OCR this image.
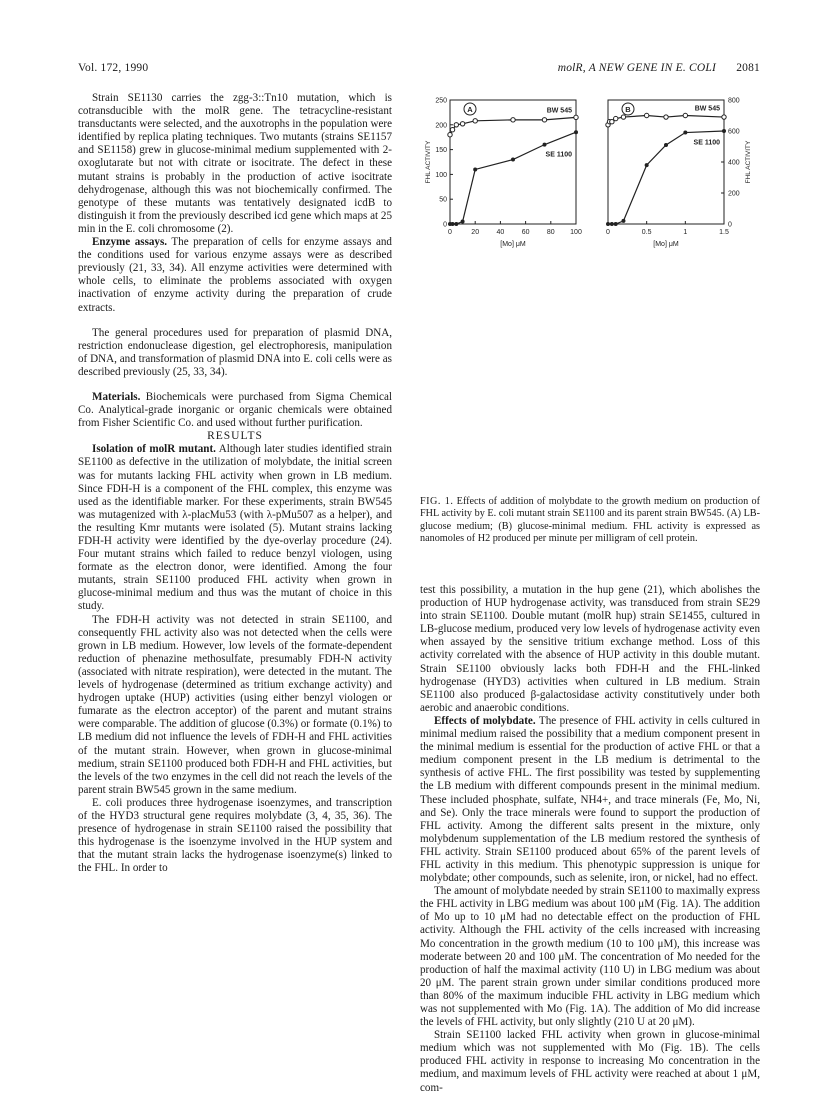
Vol. 172, 1990	molR, A NEW GENE IN E. COLI 2081

Strain SE1130 carries the zgg-3::Tn10 mutation, which is cotransducible with the molR gene. The tetracycline-resistant transductants were selected, and the auxotrophs in the population were identified by replica plating techniques. Two mutants (strains SE1157 and SE1158) grew in glucose-minimal medium supplemented with 2-oxoglutarate but not with citrate or isocitrate. The defect in these mutant strains is probably in the production of active isocitrate dehydrogenase, although this was not biochemically confirmed. The genotype of these mutants was tentatively designated icdB to distinguish it from the previously described icd gene which maps at 25 min in the E. coli chromosome (2).

Enzyme assays. The preparation of cells for enzyme assays and the conditions used for various enzyme assays were as described previously (21, 33, 34). All enzyme activities were determined with whole cells, to eliminate the problems associated with oxygen inactivation of enzyme activity during the preparation of crude extracts.

The general procedures used for preparation of plasmid DNA, restriction endonuclease digestion, gel electrophoresis, manipulation of DNA, and transformation of plasmid DNA into E. coli cells were as described previously (25, 33, 34).

Materials. Biochemicals were purchased from Sigma Chemical Co. Analytical-grade inorganic or organic chemicals were obtained from Fisher Scientific Co. and used without further purification.

RESULTS

Isolation of molR mutant. Although later studies identified strain SE1100 as defective in the utilization of molybdate, the initial screen was for mutants lacking FHL activity when grown in LB medium. Since FDH-H is a component of the FHL complex, this enzyme was used as the identifiable marker. For these experiments, strain BW545 was mutagenized with λ-placMu53 (with λ-pMu507 as a helper), and the resulting Kmr mutants were isolated (5). Mutant strains lacking FDH-H activity were identified by the dye-overlay procedure (24). Four mutant strains which failed to reduce benzyl viologen, using formate as the electron donor, were identified. Among the four mutants, strain SE1100 produced FHL activity when grown in glucose-minimal medium and thus was the mutant of choice in this study.

The FDH-H activity was not detected in strain SE1100, and consequently FHL activity also was not detected when the cells were grown in LB medium. However, low levels of the formate-dependent reduction of phenazine methosulfate, presumably FDH-N activity (associated with nitrate respiration), were detected in the mutant. The levels of hydrogenase (determined as tritium exchange activity) and hydrogen uptake (HUP) activities (using either benzyl viologen or fumarate as the electron acceptor) of the parent and mutant strains were comparable. The addition of glucose (0.3%) or formate (0.1%) to LB medium did not influence the levels of FDH-H and FHL activities of the mutant strain. However, when grown in glucose-minimal medium, strain SE1100 produced both FDH-H and FHL activities, but the levels of the two enzymes in the cell did not reach the levels of the parent strain BW545 grown in the same medium.

E. coli produces three hydrogenase isoenzymes, and transcription of the HYD3 structural gene requires molybdate (3, 4, 35, 36). The presence of hydrogenase in strain SE1100 raised the possibility that this hydrogenase is the isoenzyme involved in the HUP system and that the mutant strain lacks the hydrogenase isoenzyme(s) linked to the FHL. In order to

0	20 40 60 80 100
0
50
100
150
200
250
[Mo] μM
FHL ACTIVITY
A	BW 545
SE 1100
0	0.5	1	1.5
0
200
400
600
800
[Mo] μM
FHL ACTIVITY
B	BW 545
SE 1100
FIG. 1. Effects of addition of molybdate to the growth medium on production of FHL activity by E. coli mutant strain SE1100 and its parent strain BW545. (A) LB-glucose medium; (B) glucose-minimal medium. FHL activity is expressed as nanomoles of H2 produced per minute per milligram of cell protein.

test this possibility, a mutation in the hup gene (21), which abolishes the production of HUP hydrogenase activity, was transduced from strain SE29 into strain SE1100. Double mutant (molR hup) strain SE1455, cultured in LB-glucose medium, produced very low levels of hydrogenase activity even when assayed by the sensitive tritium exchange method. Loss of this activity correlated with the absence of HUP activity in this double mutant. Strain SE1100 obviously lacks both FDH-H and the FHL-linked hydrogenase (HYD3) activities when cultured in LB medium. Strain SE1100 also produced β-galactosidase activity constitutively under both aerobic and anaerobic conditions.

Effects of molybdate. The presence of FHL activity in cells cultured in minimal medium raised the possibility that a medium component present in the minimal medium is essential for the production of active FHL or that a medium component present in the LB medium is detrimental to the synthesis of active FHL. The first possibility was tested by supplementing the LB medium with different compounds present in the minimal medium. These included phosphate, sulfate, NH4+, and trace minerals (Fe, Mo, Ni, and Se). Only the trace minerals were found to support the production of FHL activity. Among the different salts present in the mixture, only molybdenum supplementation of the LB medium restored the synthesis of FHL activity. Strain SE1100 produced about 65% of the parent levels of FHL activity in this medium. This phenotypic suppression is unique for molybdate; other compounds, such as selenite, iron, or nickel, had no effect.

The amount of molybdate needed by strain SE1100 to maximally express the FHL activity in LBG medium was about 100 μM (Fig. 1A). The addition of Mo up to 10 μM had no detectable effect on the production of FHL activity. Although the FHL activity of the cells increased with increasing Mo concentration in the growth medium (10 to 100 μM), this increase was moderate between 20 and 100 μM. The concentration of Mo needed for the production of half the maximal activity (110 U) in LBG medium was about 20 μM. The parent strain grown under similar conditions produced more than 80% of the maximum inducible FHL activity in LBG medium which was not supplemented with Mo (Fig. 1A). The addition of Mo did increase the levels of FHL activity, but only slightly (210 U at 20 μM).

Strain SE1100 lacked FHL activity when grown in glucose-minimal medium which was not supplemented with Mo (Fig. 1B). The cells produced FHL activity in response to increasing Mo concentration in the medium, and maximum levels of FHL activity were reached at about 1 μM, com-
